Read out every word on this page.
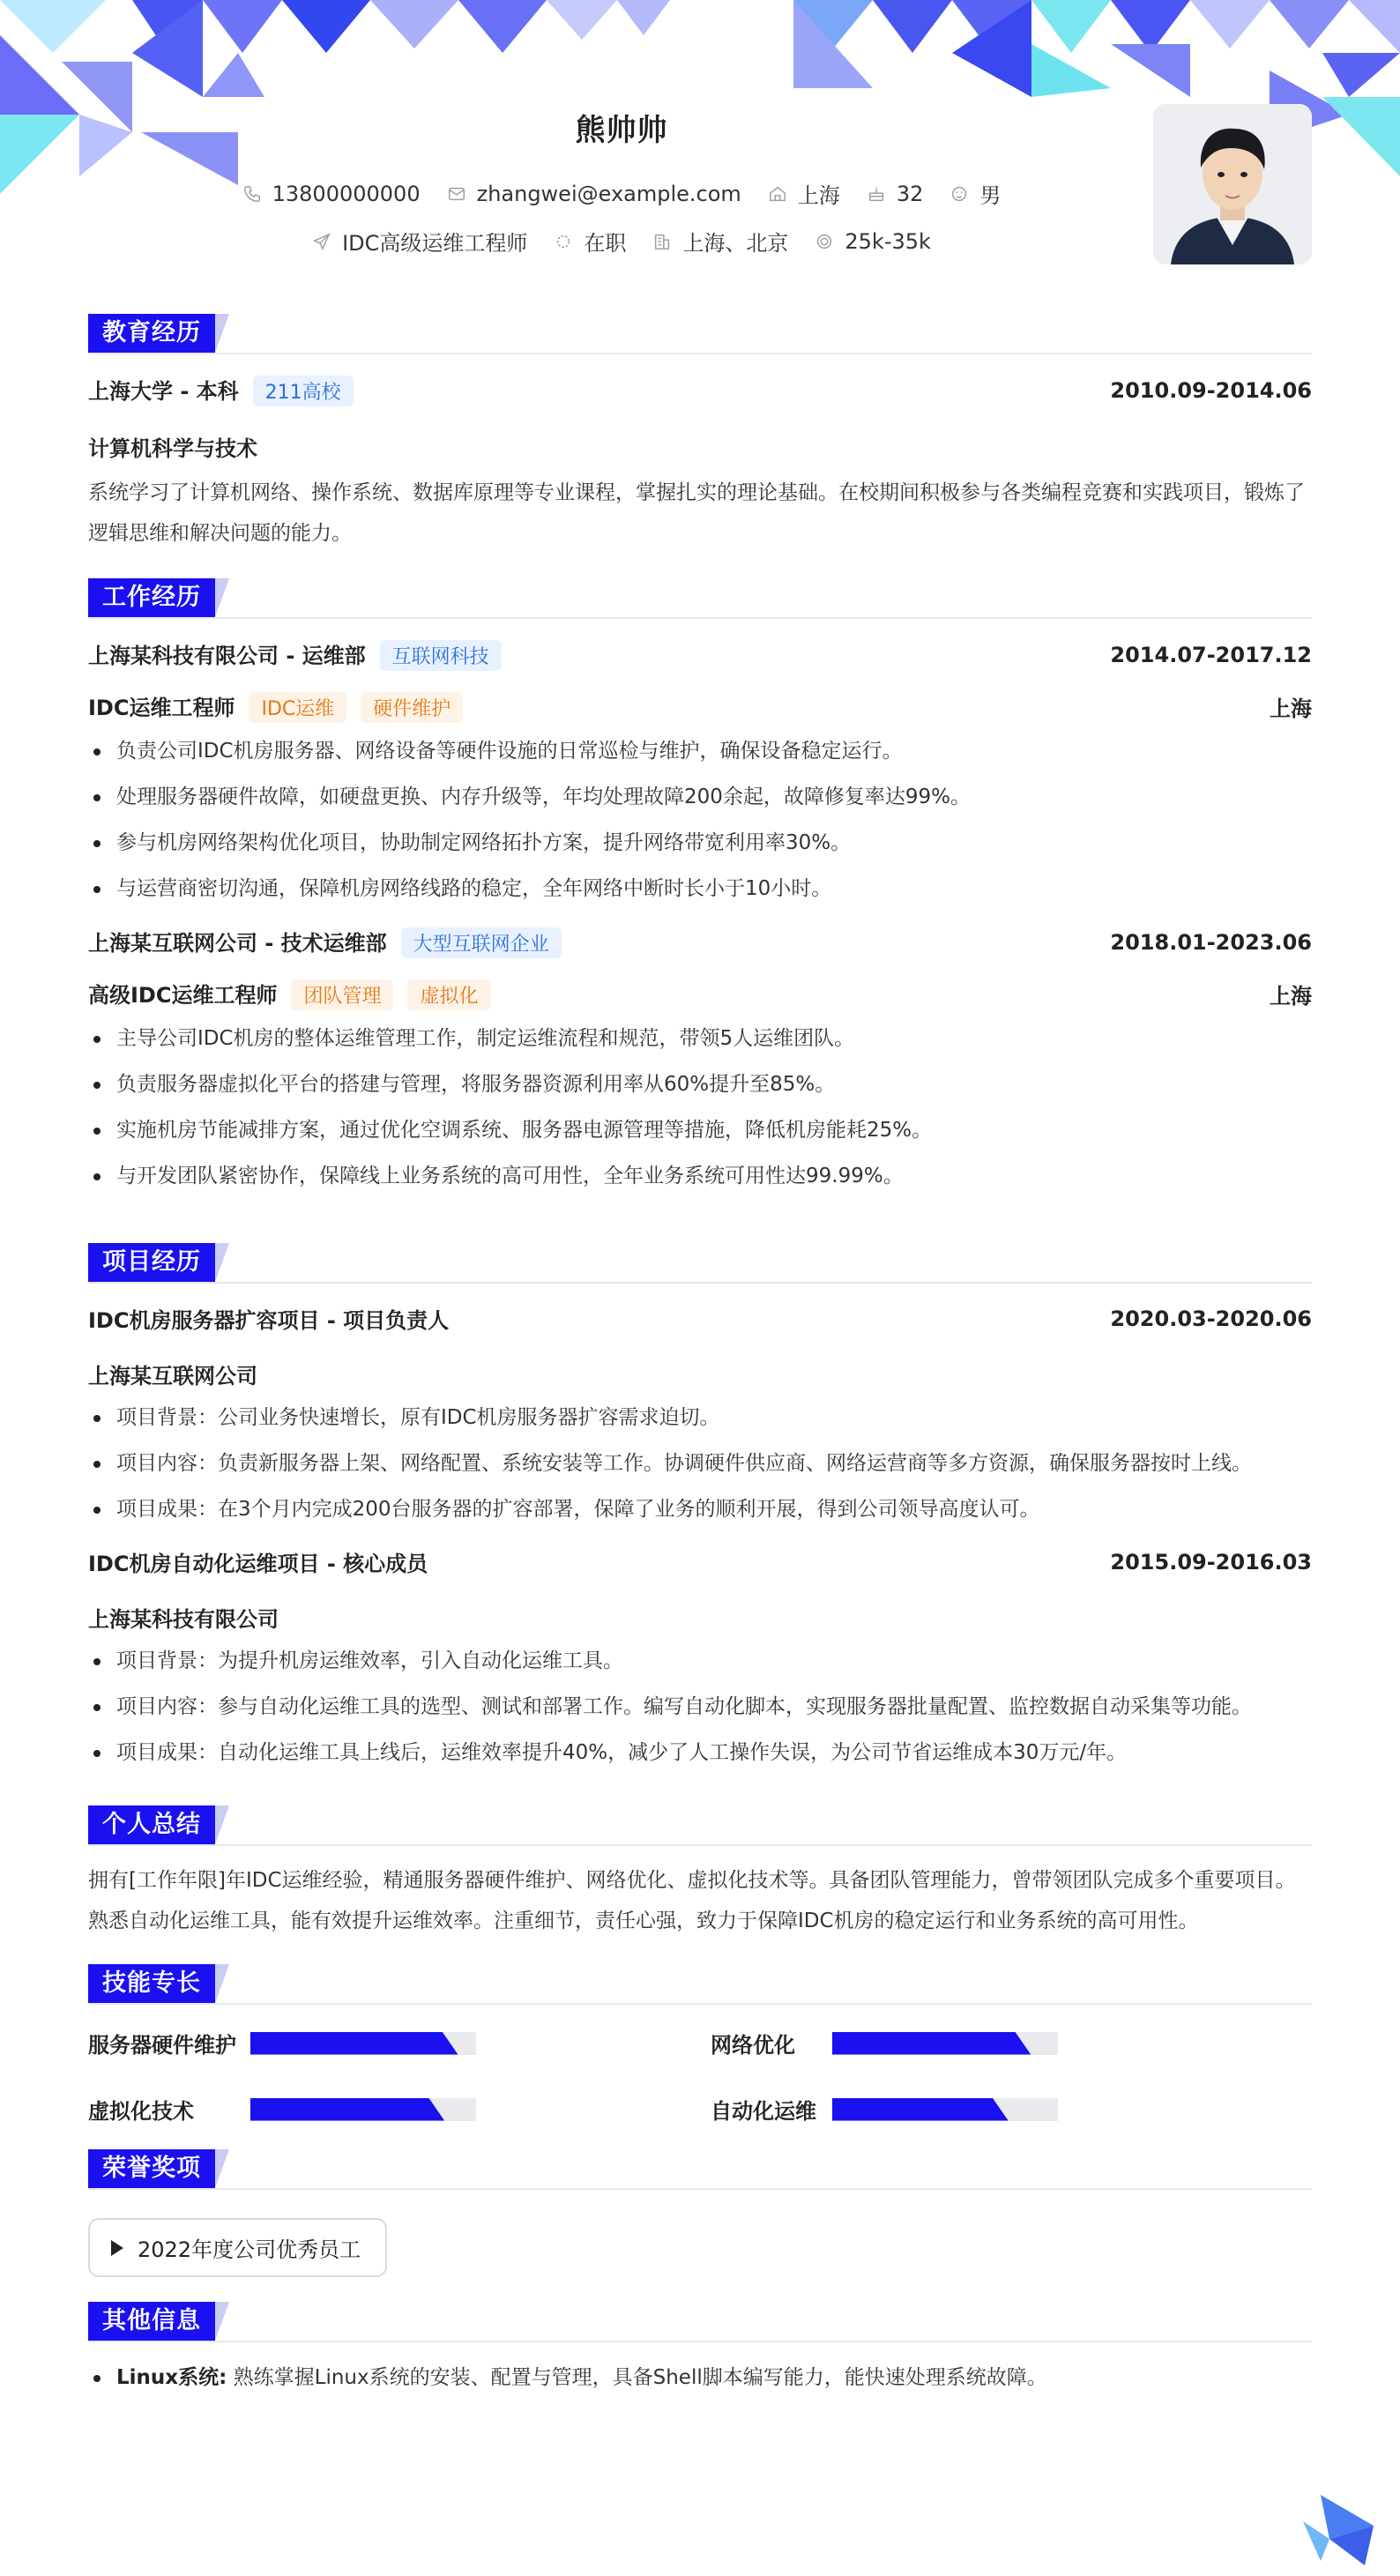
熊帅帅
13800000000	zhangwei@example.com	上海	32	男
IDC高级运维工程师	在职	上海、北京	25k-35k
教育经历
上海大学 - 本科 211高校	2010.09-2014.06
计算机科学与技术
系统学习了计算机网络、操作系统、数据库原理等专业课程，掌握扎实的理论基础。在校期间积极参与各类编程竞赛和实践项目，锻炼了逻辑思维和解决问题的能力。
工作经历
上海某科技有限公司 - 运维部 互联网科技	2014.07-2017.12
IDC运维工程师 IDC运维 硬件维护	上海
负责公司IDC机房服务器、网络设备等硬件设施的日常巡检与维护，确保设备稳定运行。
处理服务器硬件故障，如硬盘更换、内存升级等，年均处理故障200余起，故障修复率达99%。
参与机房网络架构优化项目，协助制定网络拓扑方案，提升网络带宽利用率30%。
与运营商密切沟通，保障机房网络线路的稳定，全年网络中断时长小于10小时。
上海某互联网公司 - 技术运维部 大型互联网企业	2018.01-2023.06
高级IDC运维工程师 团队管理 虚拟化	上海
主导公司IDC机房的整体运维管理工作，制定运维流程和规范，带领5人运维团队。
负责服务器虚拟化平台的搭建与管理，将服务器资源利用率从60%提升至85%。
实施机房节能减排方案，通过优化空调系统、服务器电源管理等措施，降低机房能耗25%。
与开发团队紧密协作，保障线上业务系统的高可用性，全年业务系统可用性达99.99%。
项目经历
IDC机房服务器扩容项目 - 项目负责人	2020.03-2020.06
上海某互联网公司
项目背景：公司业务快速增长，原有IDC机房服务器扩容需求迫切。
项目内容：负责新服务器上架、网络配置、系统安装等工作。协调硬件供应商、网络运营商等多方资源，确保服务器按时上线。
项目成果：在3个月内完成200台服务器的扩容部署，保障了业务的顺利开展，得到公司领导高度认可。
IDC机房自动化运维项目 - 核心成员	2015.09-2016.03
上海某科技有限公司
项目背景：为提升机房运维效率，引入自动化运维工具。
项目内容：参与自动化运维工具的选型、测试和部署工作。编写自动化脚本，实现服务器批量配置、监控数据自动采集等功能。
项目成果：自动化运维工具上线后，运维效率提升40%，减少了人工操作失误，为公司节省运维成本30万元/年。
个人总结
拥有[工作年限]年IDC运维经验，精通服务器硬件维护、网络优化、虚拟化技术等。具备团队管理能力，曾带领团队完成多个重要项目。熟悉自动化运维工具，能有效提升运维效率。注重细节，责任心强，致力于保障IDC机房的稳定运行和业务系统的高可用性。
技能专长
服务器硬件维护	网络优化
虚拟化技术	自动化运维
荣誉奖项
2022年度公司优秀员工
其他信息
Linux系统: 熟练掌握Linux系统的安装、配置与管理，具备Shell脚本编写能力，能快速处理系统故障。
